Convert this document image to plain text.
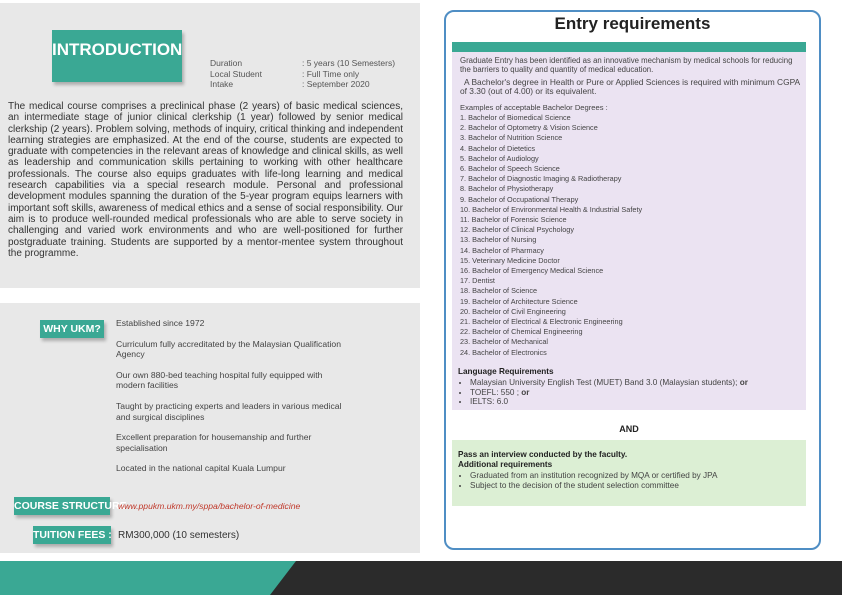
INTRODUCTION
Duration
Local Student
Intake
: 5 years (10 Semesters)
: Full Time only
: September 2020

The medical course comprises a preclinical phase (2 years) of basic medical sciences, an intermediate stage of junior clinical clerkship (1 year) followed by senior medical clerkship (2 years). Problem solving, methods of inquiry, critical thinking and independent learning strategies are emphasized. At the end of the course, students are expected to graduate with competencies in the relevant areas of knowledge and clinical skills, as well as leadership and communication skills pertaining to working with other healthcare professionals. The course also equips graduates with life-long learning and medical research capabilities via a special research module. Personal and professional development modules spanning the duration of the 5-year program equips learners with important soft skills, awareness of medical ethics and a sense of social responsibility. Our aim is to produce well-rounded medical professionals who are able to serve society in challenging and varied work environments and who are well-positioned for further postgraduate training. Students are supported by a mentor-mentee system throughout the programme.

WHY UKM?	Established since 1972
Curriculum fully accreditated by the Malaysian Qualification Agency
Our own 880-bed teaching hospital fully equipped with modern facilities
Taught by practicing experts and leaders in various medical and surgical disciplines
Excellent preparation for housemanship and further specialisation
Located in the national capital Kuala Lumpur
COURSE STRUCTURE :
www.ppukm.ukm.my/sppa/bachelor-of-medicine
TUITION FEES : RM300,000 (10 semesters)
Entry requirements

Graduate Entry has been identified as an innovative mechanism by medical schools for reducing the barriers to quality and quantity of medical education.

A Bachelor's degree in Health or Pure or Applied Sciences is required with minimum CGPA of 3.30 (out of 4.00) or its equivalent.

Examples of acceptable Bachelor Degrees :
1. Bachelor of Biomedical Science
2. Bachelor of Optometry & Vision Science
3. Bachelor of Nutrition Science
4. Bachelor of Dietetics
5. Bachelor of Audiology
6. Bachelor of Speech Science
7. Bachelor of Diagnostic Imaging & Radiotherapy
8. Bachelor of Physiotherapy
9. Bachelor of Occupational Therapy
10. Bachelor of Environmental Health & Industrial Safety
11. Bachelor of Forensic Science
12. Bachelor of Clinical Psychology
13. Bachelor of Nursing
14. Bachelor of Pharmacy
15. Veterinary Medicine Doctor
16. Bachelor of Emergency Medical Science
17. Dentist
18. Bachelor of Science
19. Bachelor of Architecture Science
20. Bachelor of Civil Engineering
21. Bachelor of Electrical & Electronic Engineering
22. Bachelor of Chemical Engineering
23. Bachelor of Mechanical
24. Bachelor of Electronics
Language Requirements
• Malaysian University English Test (MUET) Band 3.0 (Malaysian students); or
• TOEFL: 550 ; or
• IELTS: 6.0
AND
Pass an interview conducted by the faculty.
Additional requirements
• Graduated from an institution recognized by MQA or certified by JPA
• Subject to the decision of the student selection committee
